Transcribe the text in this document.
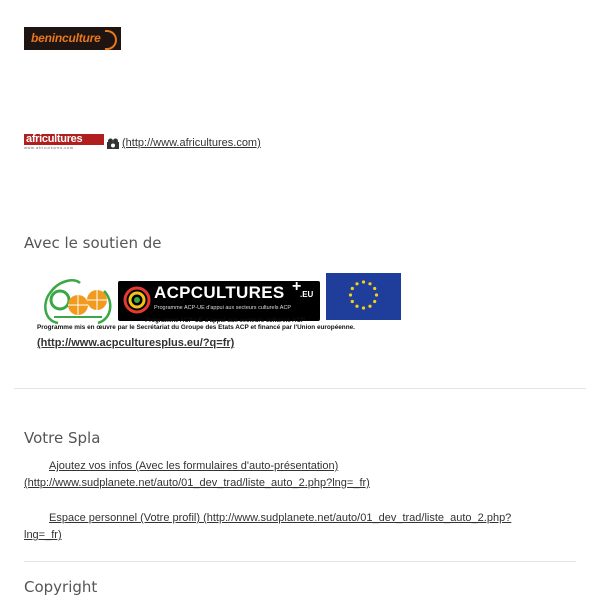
beninculture
africultures
www.africultures.com	(http://www.africultures.com)
Avec le soutien de
ACPCULTURES +
.EU
Programme ACP-UE d'appui aux secteurs culturels ACP
Programme ACP-UE d'appui aux secteurs culturels ACP
Programme mis en œuvre par le Secrétariat du Groupe des Etats ACP et financé par l'Union européenne.
(http://www.acpculturesplus.eu/?q=fr)
Votre Spla
Ajoutez vos infos (Avec les formulaires d'auto-présentation)
(http://www.sudplanete.net/auto/01_dev_trad/liste_auto_2.php?lng=_fr)
Espace personnel (Votre profil) (http://www.sudplanete.net/auto/01_dev_trad/liste_auto_2.php?
lng=_fr)
Copyright
